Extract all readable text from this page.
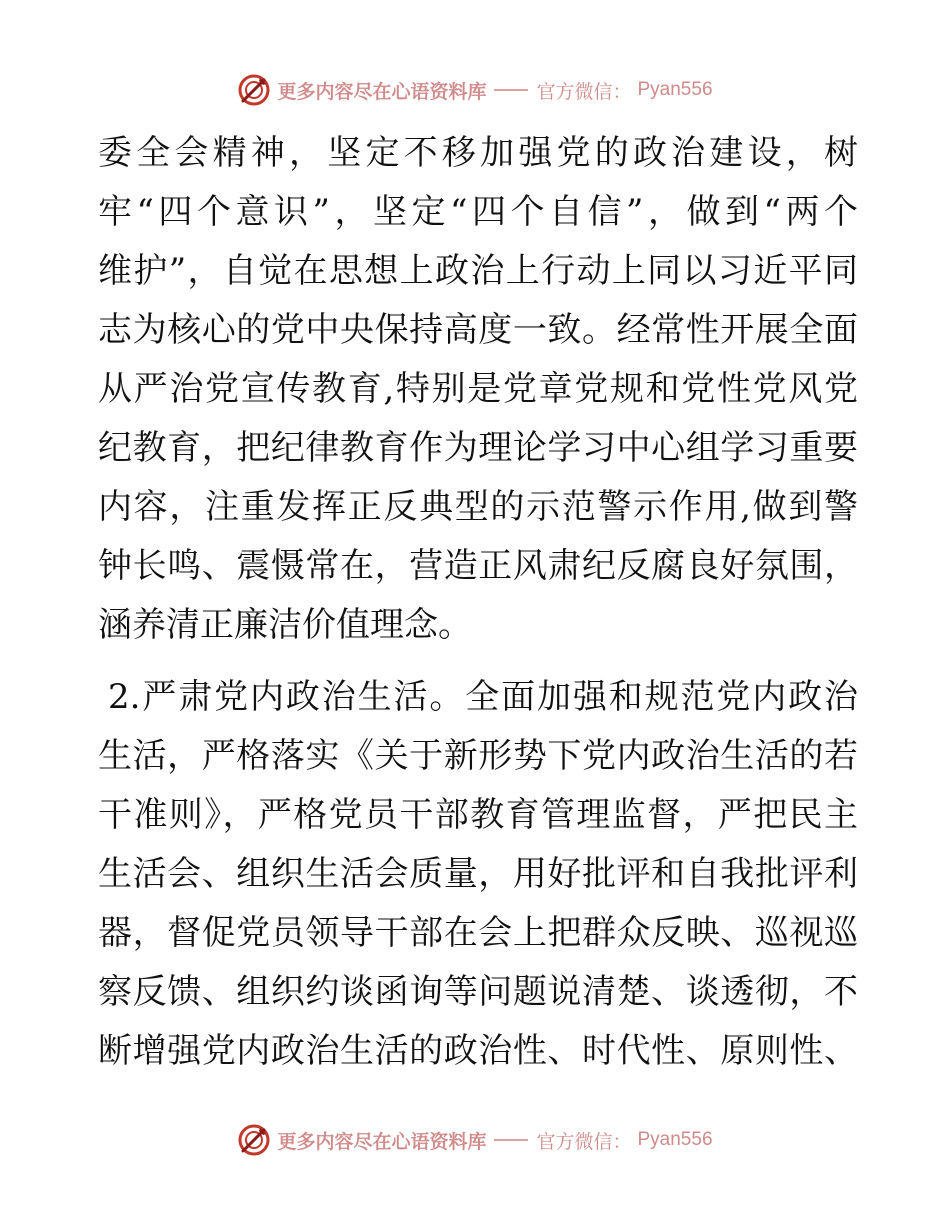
更多内容尽在心语资料库	官方微信： Pyan556
委全会精神，坚定不移加强党的政治建设，树
牢“四个意识”，坚定“四个自信”，做到“两个
维护”，自觉在思想上政治上行动上同以习近平同
志为核心的党中央保持高度一致。经常性开展全面
从严治党宣传教育,特别是党章党规和党性党风党
纪教育，把纪律教育作为理论学习中心组学习重要
内容，注重发挥正反典型的示范警示作用,做到警
钟长鸣、震慑常在，营造正风肃纪反腐良好氛围，
涵养清正廉洁价值理念。
2.严肃党内政治生活。全面加强和规范党内政治
生活，严格落实《关于新形势下党内政治生活的若
干准则》，严格党员干部教育管理监督，严把民主
生活会、组织生活会质量，用好批评和自我批评利
器，督促党员领导干部在会上把群众反映、巡视巡
察反馈、组织约谈函询等问题说清楚、谈透彻，不
断增强党内政治生活的政治性、时代性、原则性、
更多内容尽在心语资料库	官方微信： Pyan556
